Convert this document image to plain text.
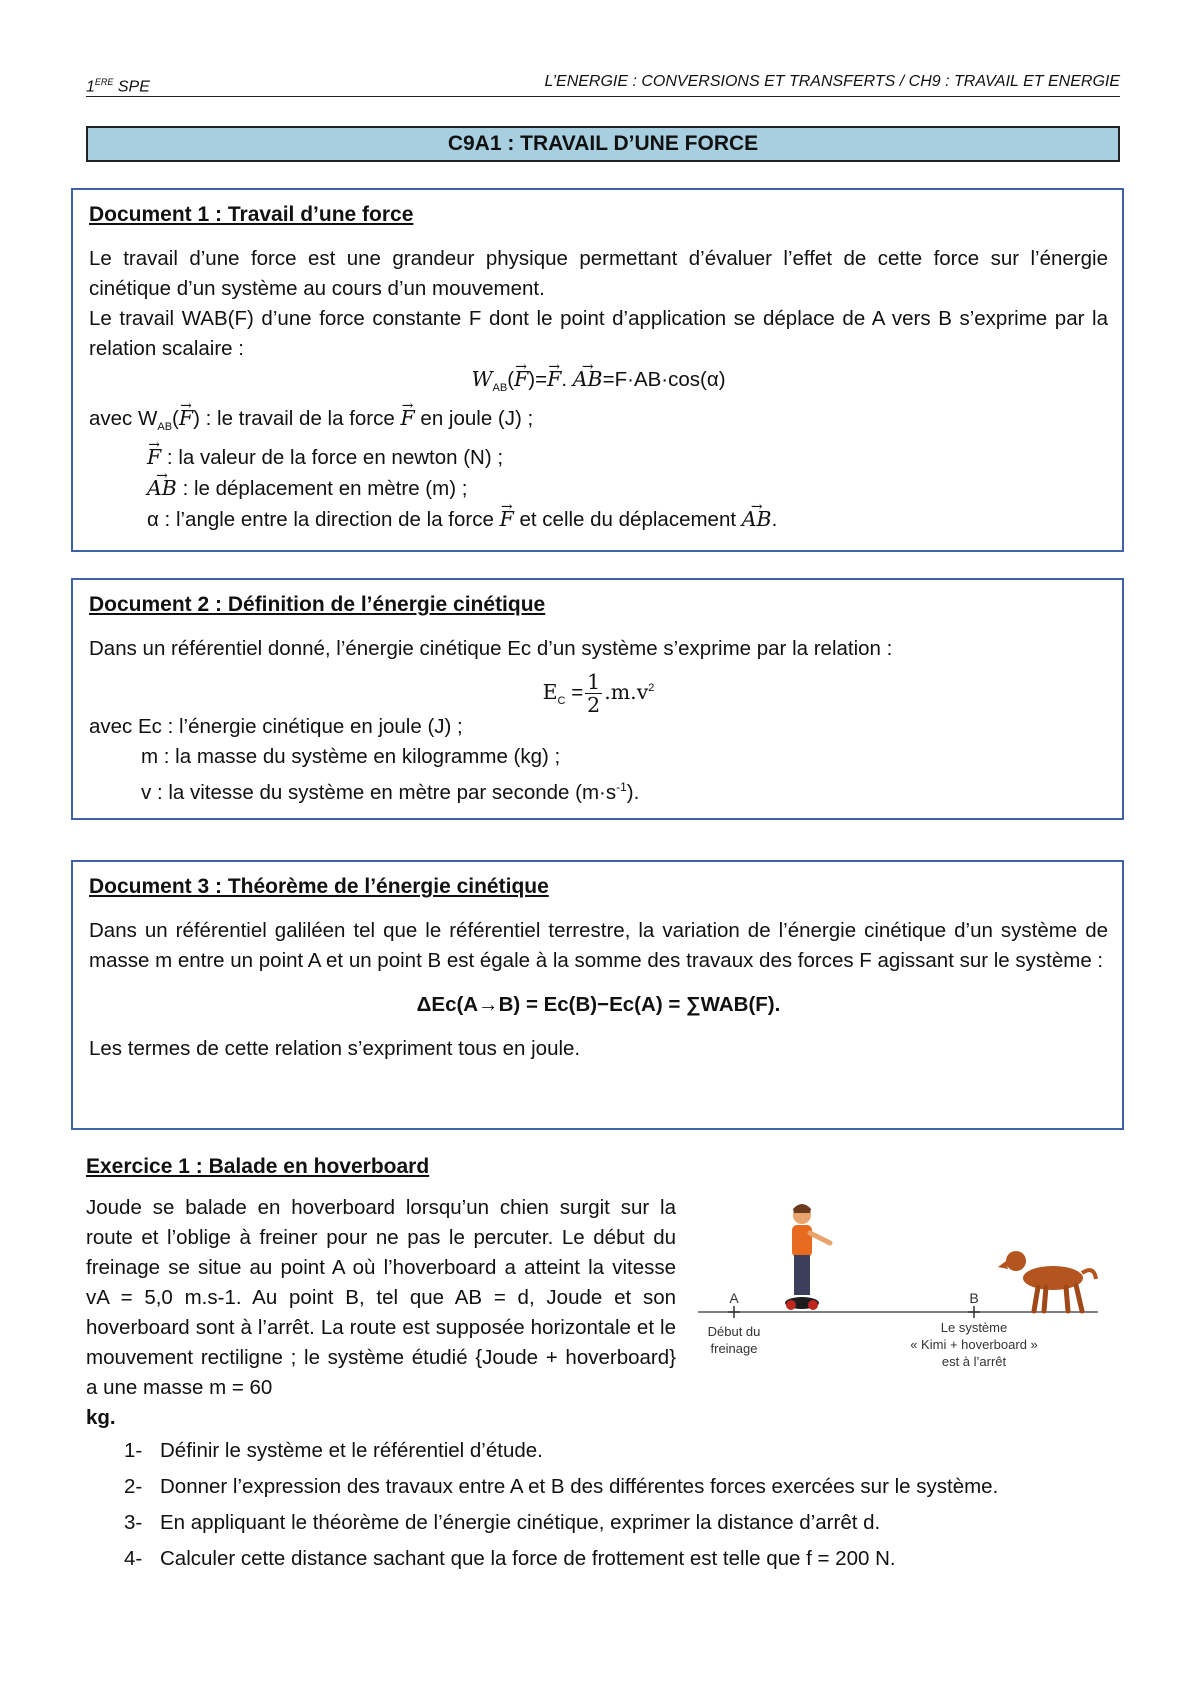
1ERE SPE	L’ENERGIE : CONVERSIONS ET TRANSFERTS / CH9 : TRAVAIL ET ENERGIE
C9A1 : TRAVAIL D’UNE FORCE
Document 1 : Travail d’une force
Le travail d’une force est une grandeur physique permettant d’évaluer l’effet de cette force sur l’énergie cinétique d’un système au cours d’un mouvement.
Le travail WAB(F) d’une force constante F dont le point d’application se déplace de A vers B s’exprime par la relation scalaire :
$W_{AB}(\to F)=\to F$. → AB=F·AB·cos(α)
avec $W_{AB}(\to F)$ : le travail de la force → F en joule (J) ;
→ F : la valeur de la force en newton (N) ;
→ AB : le déplacement en mètre (m) ;
α : l’angle entre la direction de la force → F et celle du déplacement → AB.
Document 2 : Définition de l’énergie cinétique
Dans un référentiel donné, l’énergie cinétique Ec d’un système s’exprime par la relation :
$E_C = \frac{1}{2} .m.v^2$
avec Ec : l’énergie cinétique en joule (J) ;
m : la masse du système en kilogramme (kg) ;
v : la vitesse du système en mètre par seconde $(m\cdot s^{-1})$.
Document 3 : Théorème de l’énergie cinétique
Dans un référentiel galiléen tel que le référentiel terrestre, la variation de l’énergie cinétique d’un système de masse m entre un point A et un point B est égale à la somme des travaux des forces F agissant sur le système :
ΔEc(A→B) = Ec(B)−Ec(A) = ∑WAB(F).
Les termes de cette relation s’expriment tous en joule.
Exercice 1 : Balade en hoverboard
Joude se balade en hoverboard lorsqu’un chien surgit sur la route et l’oblige à freiner pour ne pas le percuter. Le début du freinage se situe au point A où l’hoverboard a atteint la vitesse vA = 5,0 m.s-1. Au point B, tel que AB = d, Joude et son hoverboard sont à l’arrêt. La route est supposée horizontale et le mouvement rectiligne ; le système étudié {Joude + hoverboard} a une masse m = 60
kg.
A	B
Début du
freinage
Le système
« Kimi + hoverboard »
est à l’arrêt
1- Définir le système et le référentiel d’étude.
2- Donner l’expression des travaux entre A et B des différentes forces exercées sur le système.
3- En appliquant le théorème de l’énergie cinétique, exprimer la distance d’arrêt d.
4- Calculer cette distance sachant que la force de frottement est telle que f = 200 N.
